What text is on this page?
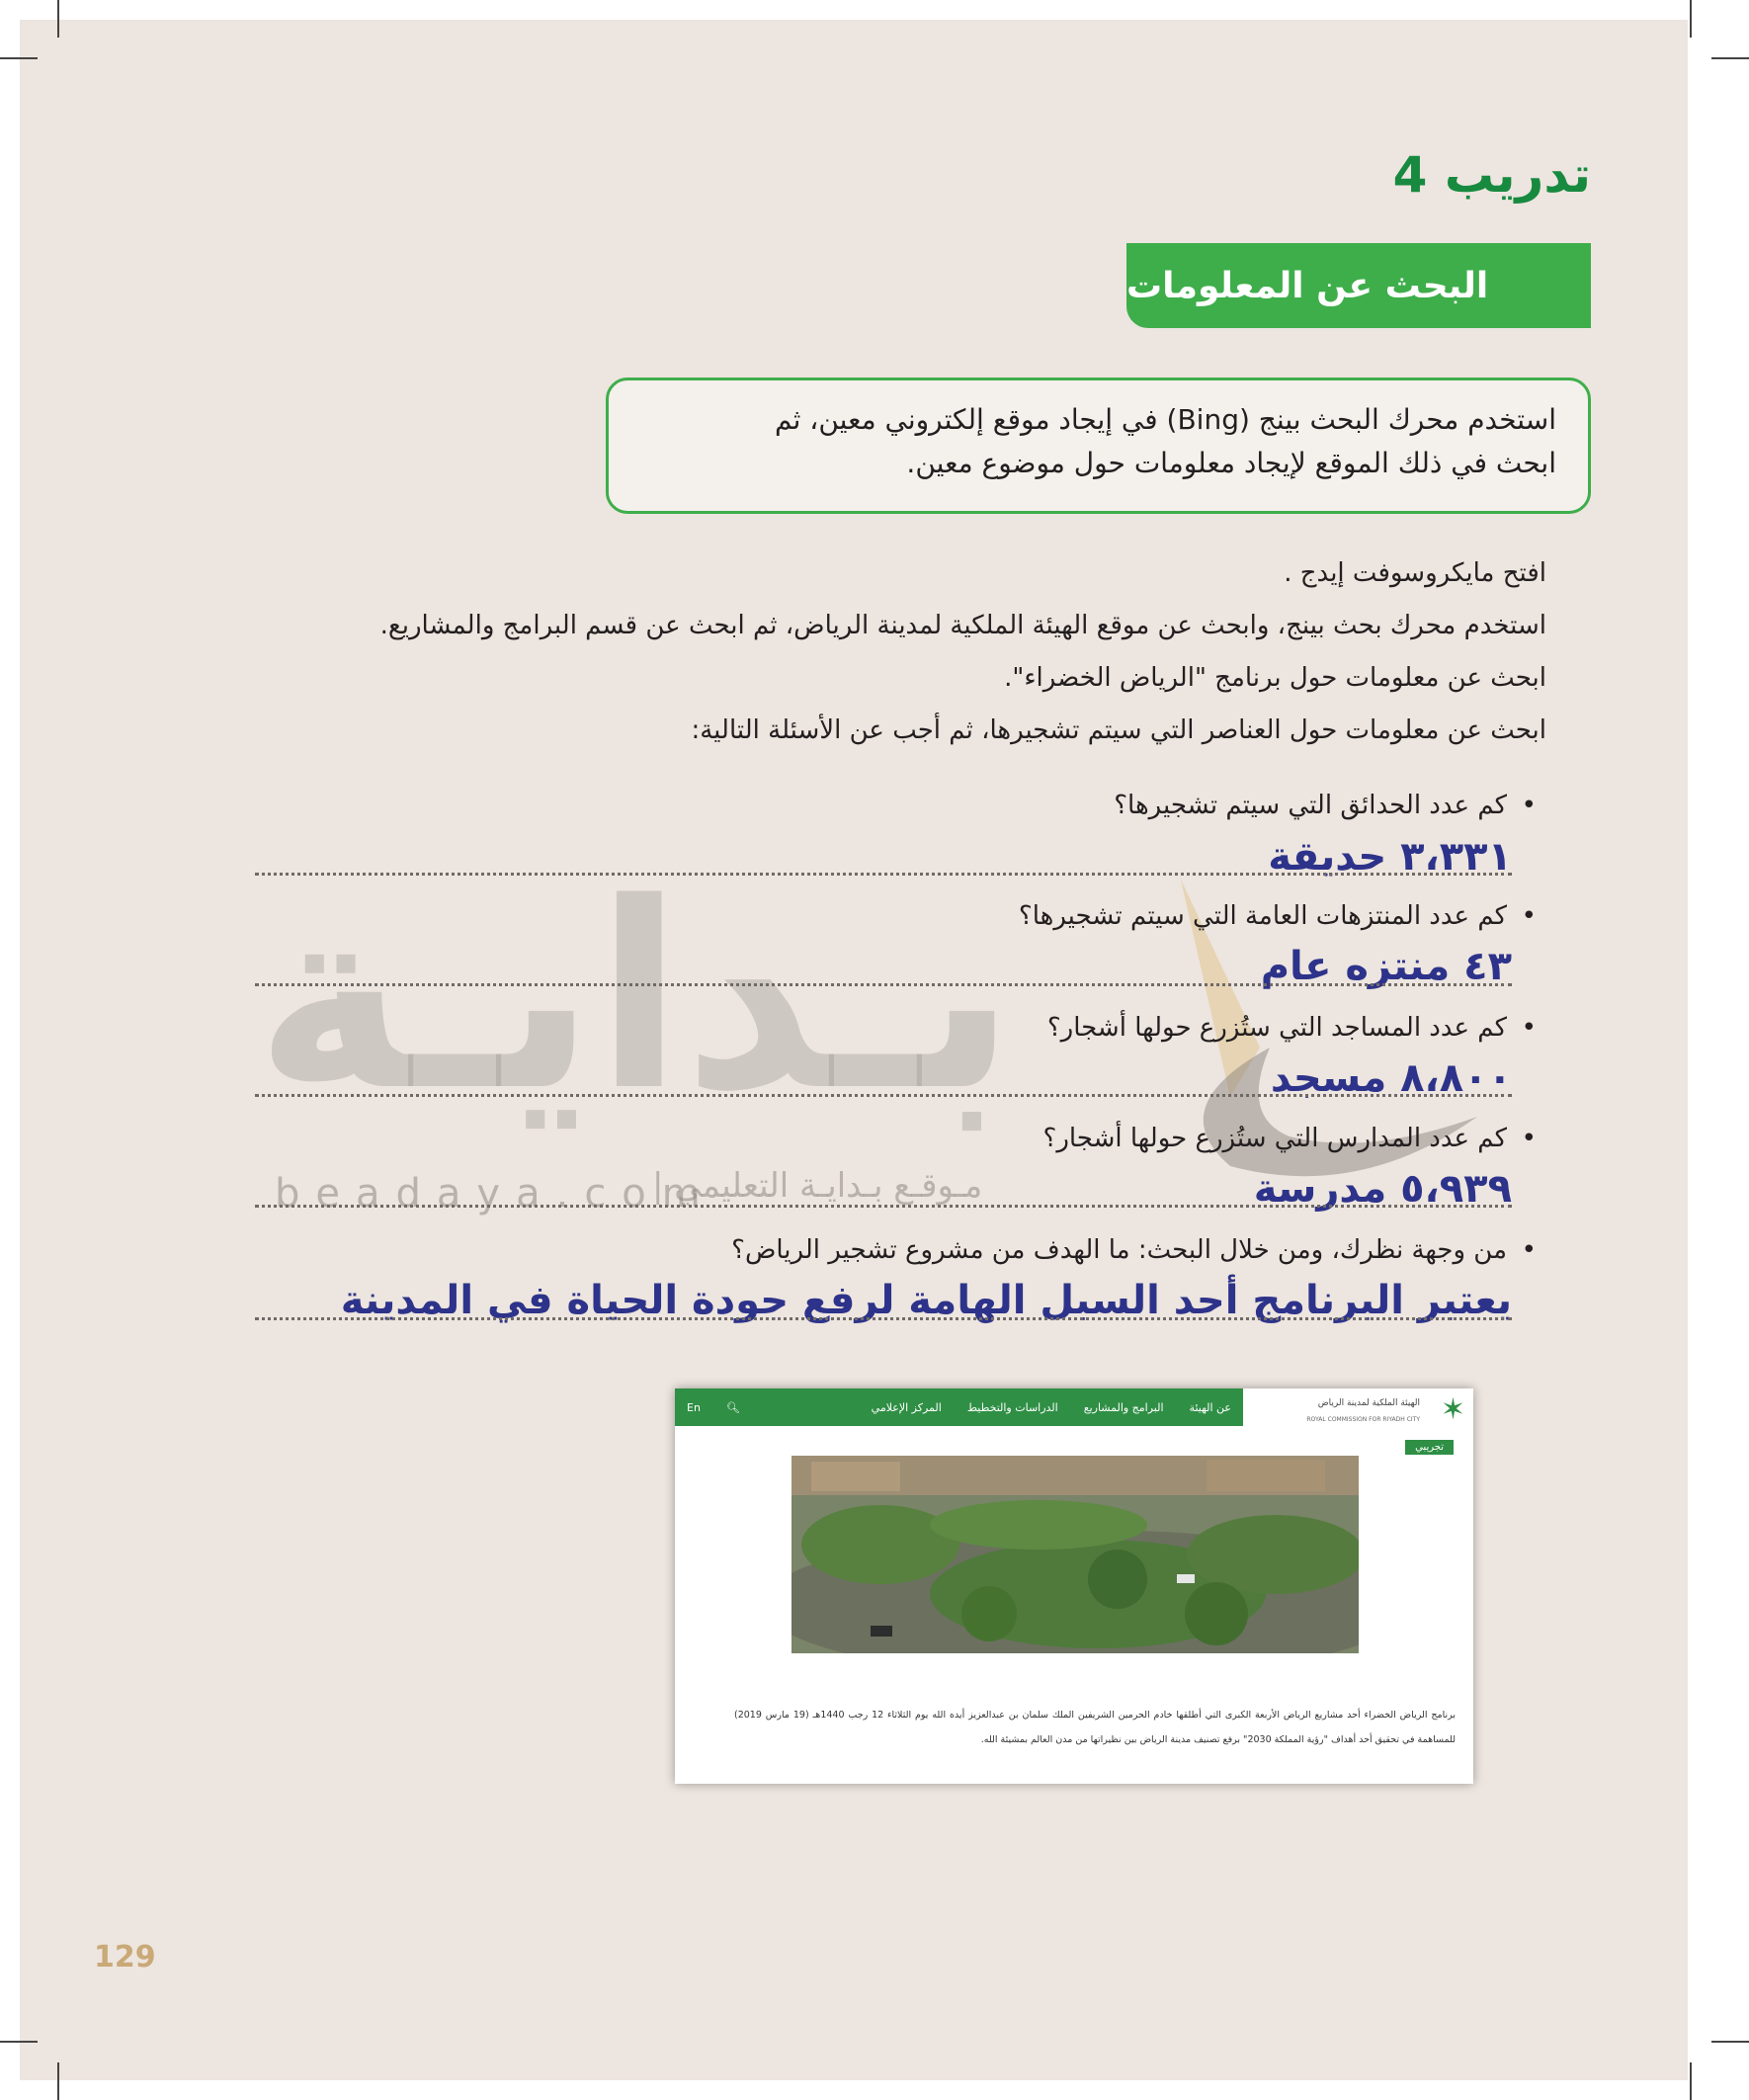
بـدايـة
beadaya.com
مـوقـع بـدايـة التعليمي |
تدريب 4
البحث عن المعلومات
استخدم محرك البحث بينج (Bing) في إيجاد موقع إلكتروني معين، ثم
ابحث في ذلك الموقع لإيجاد معلومات حول موضوع معين.
افتح مايكروسوفت إيدج .
استخدم محرك بحث بينج، وابحث عن موقع الهيئة الملكية لمدينة الرياض، ثم ابحث عن قسم البرامج والمشاريع.
ابحث عن معلومات حول برنامج "الرياض الخضراء".
ابحث عن معلومات حول العناصر التي سيتم تشجيرها، ثم أجب عن الأسئلة التالية:
• كم عدد الحدائق التي سيتم تشجيرها؟
٣،٣٣١ حديقة
• كم عدد المنتزهات العامة التي سيتم تشجيرها؟
٤٣ منتزه عام
• كم عدد المساجد التي ستُزرع حولها أشجار؟
٨،٨٠٠ مسجد
• كم عدد المدارس التي ستُزرع حولها أشجار؟
٥،٩٣٩ مدرسة
• من وجهة نظرك، ومن خلال البحث: ما الهدف من مشروع تشجير الرياض؟
يعتبر البرنامج أحد السبل الهامة لرفع جودة الحياة في المدينة
عن الهيئة
البرامج والمشاريع
الدراسات والتخطيط
المركز الإعلامي
🔍︎
En	✶
الهيئة الملكية لمدينة الرياض
ROYAL COMMISSION FOR RIYADH CITY
تجريبي
برنامج الرياض الخضراء أحد مشاريع الرياض الأربعة الكبرى التي أطلقها خادم الحرمين الشريفين الملك سلمان بن عبدالعزيز أيده الله يوم الثلاثاء 12 رجب 1440هـ (19 مارس 2019) للمساهمة في تحقيق أحد أهداف "رؤية المملكة 2030" برفع تصنيف مدينة الرياض بين نظيراتها من مدن العالم بمشيئة الله.
129
